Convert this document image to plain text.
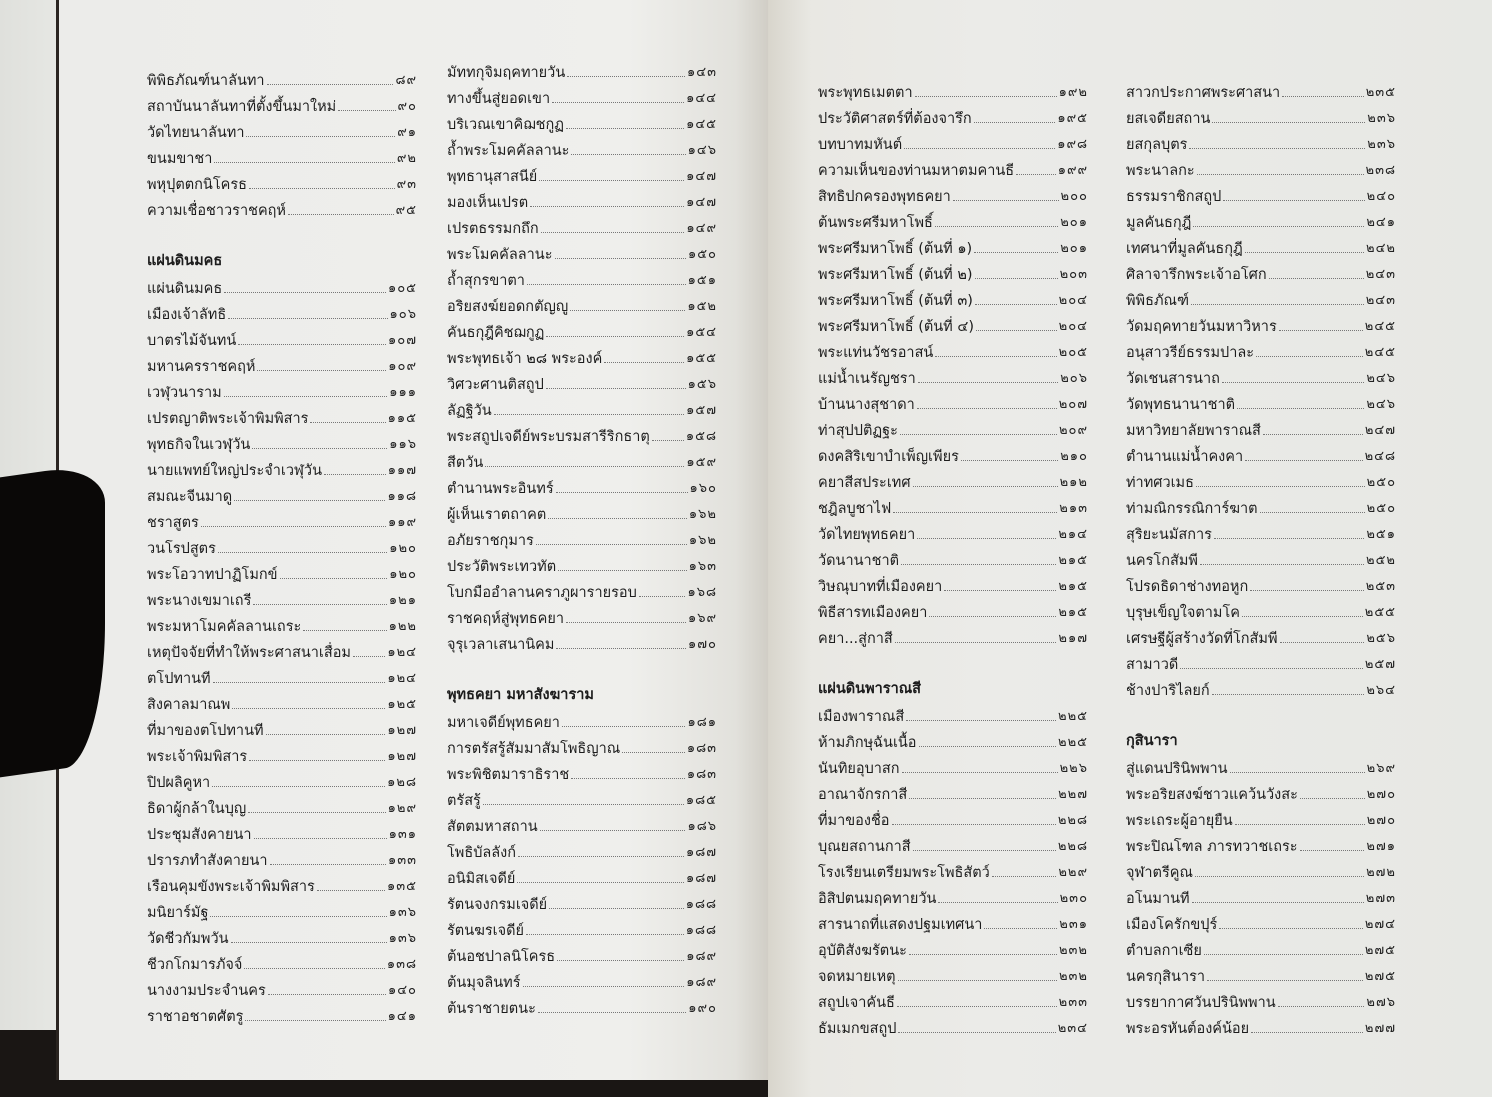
พิพิธภัณฑ์นาลันทา	๘๙
สถาบันนาลันทาที่ตั้งขึ้นมาใหม่	๙๐
วัดไทยนาลันทา	๙๑
ขนมขาชา	๙๒
พหุปุตตกนิโครธ	๙๓
ความเชื่อชาวราชคฤห์	๙๕
แผ่นดินมคธ
แผ่นดินมคธ	๑๐๕
เมืองเจ้าลัทธิ	๑๐๖
บาตรไม้จันทน์	๑๐๗
มหานครราชคฤห์	๑๐๙
เวฬุวนาราม	๑๑๑
เปรตญาติพระเจ้าพิมพิสาร	๑๑๕
พุทธกิจในเวฬุวัน	๑๑๖
นายแพทย์ใหญ่ประจำเวฬุวัน	๑๑๗
สมณะจีนมาดู	๑๑๘
ชราสูตร	๑๑๙
วนโรปสูตร	๑๒๐
พระโอวาทปาฏิโมกข์	๑๒๐
พระนางเขมาเถรี	๑๒๑
พระมหาโมคคัลลานเถระ	๑๒๒
เหตุปัจจัยที่ทำให้พระศาสนาเสื่อม	๑๒๔
ตโปทานที	๑๒๔
สิงคาลมาณพ	๑๒๕
ที่มาของตโปทานที	๑๒๗
พระเจ้าพิมพิสาร	๑๒๗
ปิปผลิคูหา	๑๒๘
ธิดาผู้กล้าในบุญ	๑๒๙
ประชุมสังคายนา	๑๓๑
ปรารภทำสังคายนา	๑๓๓
เรือนคุมขังพระเจ้าพิมพิสาร	๑๓๕
มนิยาร์มัฐ	๑๓๖
วัดชีวกัมพวัน	๑๓๖
ชีวกโกมารภัจจ์	๑๓๘
นางงามประจำนคร	๑๔๐
ราชาอชาตศัตรู	๑๔๑
มัททกุจิมฤคทายวัน	๑๔๓
ทางขึ้นสู่ยอดเขา	๑๔๔
บริเวณเขาคิฌชกูฏ	๑๔๕
ถ้ำพระโมคคัลลานะ	๑๔๖
พุทธานุสาสนีย์	๑๔๗
มองเห็นเปรต	๑๔๗
เปรตธรรมกถึก	๑๔๙
พระโมคคัลลานะ	๑๕๐
ถ้ำสุกรขาตา	๑๕๑
อริยสงฆ์ยอดกตัญญู	๑๕๒
คันธกุฎีคิชฌกูฏ	๑๕๔
พระพุทธเจ้า ๒๘ พระองค์	๑๕๕
วิศวะศานติสถูป	๑๕๖
ลัฏฐิวัน	๑๕๗
พระสถูปเจดีย์พระบรมสารีริกธาตุ	๑๕๘
สีตวัน	๑๕๙
ตำนานพระอินทร์	๑๖๐
ผู้เห็นเราตถาคต	๑๖๒
อภัยราชกุมาร	๑๖๒
ประวัติพระเทวทัต	๑๖๓
โบกมืออำลานคราภูผารายรอบ	๑๖๘
ราชคฤห์สู่พุทธคยา	๑๖๙
จุรุเวลาเสนานิคม	๑๗๐
พุทธคยา มหาสังฆาราม
มหาเจดีย์พุทธคยา	๑๘๑
การตรัสรู้สัมมาสัมโพธิญาณ	๑๘๓
พระพิชิตมาราธิราช	๑๘๓
ตรัสรู้	๑๘๕
สัตตมหาสถาน	๑๘๖
โพธิบัลลังก์	๑๘๗
อนิมิสเจดีย์	๑๘๗
รัตนจงกรมเจดีย์	๑๘๘
รัตนฆรเจดีย์	๑๘๘
ต้นอชปาลนิโครธ	๑๘๙
ต้นมุจลินทร์	๑๘๙
ต้นราชายตนะ	๑๙๐
พระพุทธเมตตา	๑๙๒
ประวัติศาสตร์ที่ต้องจารึก	๑๙๕
บทบาทมหันต์	๑๙๘
ความเห็นของท่านมหาตมคานธี	๑๙๙
สิทธิปกครองพุทธคยา	๒๐๐
ต้นพระศรีมหาโพธิ์	๒๐๑
พระศรีมหาโพธิ์ (ต้นที่ ๑)	๒๐๑
พระศรีมหาโพธิ์ (ต้นที่ ๒)	๒๐๓
พระศรีมหาโพธิ์ (ต้นที่ ๓)	๒๐๔
พระศรีมหาโพธิ์ (ต้นที่ ๔)	๒๐๔
พระแท่นวัชรอาสน์	๒๐๕
แม่น้ำเนรัญชรา	๒๐๖
บ้านนางสุชาดา	๒๐๗
ท่าสุปปติฏฐะ	๒๐๙
ดงคสิริเขาบำเพ็ญเพียร	๒๑๐
คยาสีสประเทศ	๒๑๒
ชฎิลบูชาไฟ	๒๑๓
วัดไทยพุทธคยา	๒๑๔
วัดนานาชาติ	๒๑๕
วิษณุบาทที่เมืองคยา	๒๑๕
พิธีสารทเมืองคยา	๒๑๕
คยา...สู่กาสี	๒๑๗
แผ่นดินพาราณสี
เมืองพาราณสี	๒๒๕
ห้ามภิกษุฉันเนื้อ	๒๒๕
นันทิยอุบาสก	๒๒๖
อาณาจักรกาสี	๒๒๗
ที่มาของชื่อ	๒๒๘
บุณยสถานกาสี	๒๒๘
โรงเรียนเตรียมพระโพธิสัตว์	๒๒๙
อิสิปตนมฤคทายวัน	๒๓๐
สารนาถที่แสดงปฐมเทศนา	๒๓๑
อุบัติสังฆรัตนะ	๒๓๒
จดหมายเหตุ	๒๓๒
สถูปเจาคันธี	๒๓๓
ธัมเมกขสถูป	๒๓๔
สาวกประกาศพระศาสนา	๒๓๕
ยสเจดียสถาน	๒๓๖
ยสกุลบุตร	๒๓๖
พระนาลกะ	๒๓๘
ธรรมราชิกสถูป	๒๔๐
มูลคันธกุฎี	๒๔๑
เทศนาที่มูลคันธกุฎี	๒๔๒
ศิลาจารึกพระเจ้าอโศก	๒๔๓
พิพิธภัณฑ์	๒๔๓
วัดมฤคทายวันมหาวิหาร	๒๔๕
อนุสาวรีย์ธรรมปาละ	๒๔๕
วัดเชนสารนาถ	๒๔๖
วัดพุทธนานาชาติ	๒๔๖
มหาวิทยาลัยพาราณสี	๒๔๗
ตำนานแม่น้ำคงคา	๒๔๘
ท่าทศวเมธ	๒๕๐
ท่ามณิกรรณิการ์ฆาต	๒๕๐
สุริยะนมัสการ	๒๕๑
นครโกสัมพี	๒๕๒
โปรดธิดาช่างทอหูก	๒๕๓
บุรุษเข็ญใจตามโค	๒๕๕
เศรษฐีผู้สร้างวัดที่โกสัมพี	๒๕๖
สามาวดี	๒๕๗
ช้างปาริไลยก์	๒๖๔
กุสินารา
สู่แดนปรินิพพาน	๒๖๙
พระอริยสงฆ์ชาวแคว้นวังสะ	๒๗๐
พระเถระผู้อายุยืน	๒๗๐
พระปิณโฑล ภารทวาชเถระ	๒๗๑
จุฬาตรีคูณ	๒๗๒
อโนมานที	๒๗๓
เมืองโครักขปุร์	๒๗๔
ตำบลกาเซีย	๒๗๕
นครกุสินารา	๒๗๕
บรรยากาศวันปรินิพพาน	๒๗๖
พระอรหันต์องค์น้อย	๒๗๗
